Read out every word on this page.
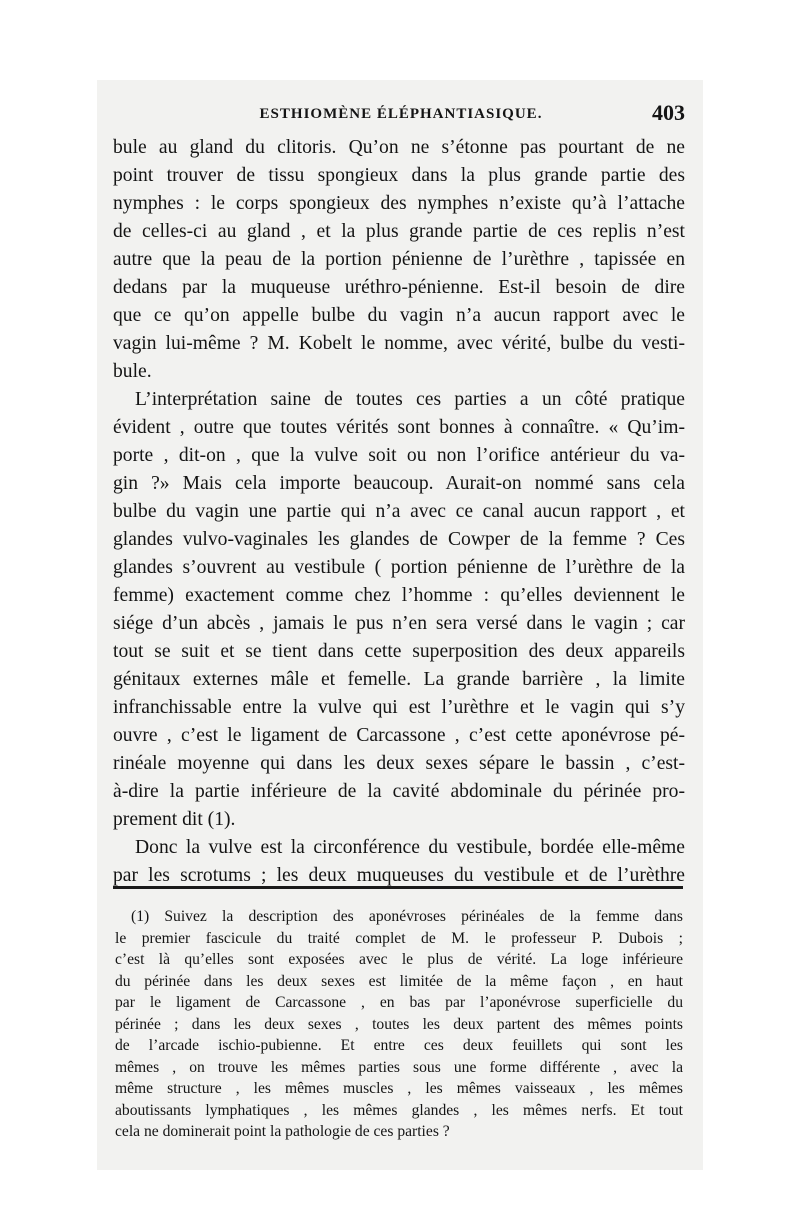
ESTHIOMÈNE ÉLÉPHANTIASIQUE.	403
bule au gland du clitoris. Qu’on ne s’étonne pas pourtant de ne
point trouver de tissu spongieux dans la plus grande partie des
nymphes : le corps spongieux des nymphes n’existe qu’à l’attache
de celles-ci au gland , et la plus grande partie de ces replis n’est
autre que la peau de la portion pénienne de l’urèthre , tapissée en
dedans par la muqueuse uréthro-pénienne. Est-il besoin de dire
que ce qu’on appelle bulbe du vagin n’a aucun rapport avec le
vagin lui-même ? M. Kobelt le nomme, avec vérité, bulbe du vesti-
bule.
L’interprétation saine de toutes ces parties a un côté pratique
évident , outre que toutes vérités sont bonnes à connaître. « Qu’im-
porte , dit-on , que la vulve soit ou non l’orifice antérieur du va-
gin ?» Mais cela importe beaucoup. Aurait-on nommé sans cela
bulbe du vagin une partie qui n’a avec ce canal aucun rapport , et
glandes vulvo-vaginales les glandes de Cowper de la femme ? Ces
glandes s’ouvrent au vestibule ( portion pénienne de l’urèthre de la
femme) exactement comme chez l’homme : qu’elles deviennent le
siége d’un abcès , jamais le pus n’en sera versé dans le vagin ; car
tout se suit et se tient dans cette superposition des deux appareils
génitaux externes mâle et femelle. La grande barrière , la limite
infranchissable entre la vulve qui est l’urèthre et le vagin qui s’y
ouvre , c’est le ligament de Carcassone , c’est cette aponévrose pé-
rinéale moyenne qui dans les deux sexes sépare le bassin , c’est-
à-dire la partie inférieure de la cavité abdominale du périnée pro-
prement dit (1).
Donc la vulve est la circonférence du vestibule, bordée elle-même
par les scrotums ; les deux muqueuses du vestibule et de l’urèthre
(1) Suivez la description des aponévroses périnéales de la femme dans
le premier fascicule du traité complet de M. le professeur P. Dubois ;
c’est là qu’elles sont exposées avec le plus de vérité. La loge inférieure
du périnée dans les deux sexes est limitée de la même façon , en haut
par le ligament de Carcassone , en bas par l’aponévrose superficielle du
périnée ; dans les deux sexes , toutes les deux partent des mêmes points
de l’arcade ischio-pubienne. Et entre ces deux feuillets qui sont les
mêmes , on trouve les mêmes parties sous une forme différente , avec la
même structure , les mêmes muscles , les mêmes vaisseaux , les mêmes
aboutissants lymphatiques , les mêmes glandes , les mêmes nerfs. Et tout
cela ne dominerait point la pathologie de ces parties ?
